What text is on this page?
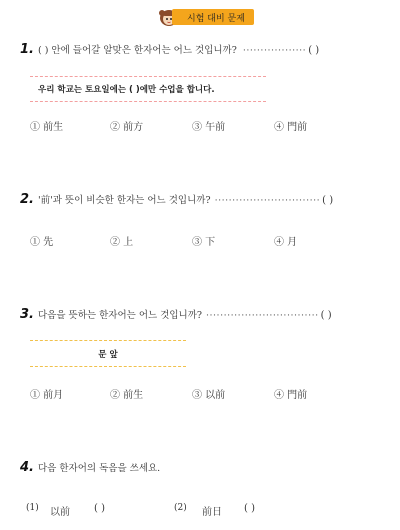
시험 대비 문제
1. ( ) 안에 들어갈 알맞은 한자어는 어느 것입니까? ·················· ( )
우리 학교는 토요일에는 ( )에만 수업을 합니다.
① 前生	② 前方	③ 午前	④ 門前
2. '前'과 뜻이 비슷한 한자는 어느 것입니까? ······························ ( )
① 先	② 上	③ 下	④ 月
3. 다음을 뜻하는 한자어는 어느 것입니까? ································ ( )
문 앞
① 前月	② 前生	③ 以前	④ 門前
4. 다음 한자어의 독음을 쓰세요.
(1) 以前 ( )	(2) 前日 ( )
